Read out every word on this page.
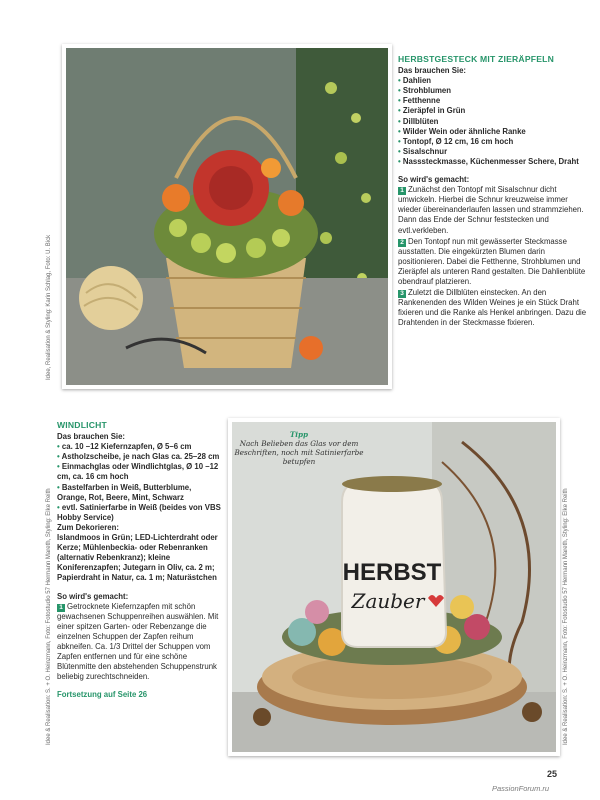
Idee, Realisation & Styling: Karin Schlag, Foto: U. Bick
HERBSTGESTECK MIT ZIERÄPFELN
Das brauchen Sie:
• Dahlien
• Strohblumen
• Fetthenne
• Zieräpfel in Grün
• Dillblüten
• Wilder Wein oder ähnliche Ranke
• Tontopf, Ø 12 cm, 16 cm hoch
• Sisalschnur
• Nasssteckmasse, Küchenmesser Schere, Draht
So wird's gemacht:

1 Zunächst den Tontopf mit Sisalschnur dicht umwickeln. Hierbei die Schnur kreuzweise immer wieder übereinanderlaufen lassen und strammziehen. Dann das Ende der Schnur feststecken und evtl.verkleben.

2 Den Tontopf nun mit gewässerter Steckmasse ausstatten. Die eingekürzten Blumen darin positionieren. Dabei die Fetthenne, Strohblumen und Zieräpfel als unteren Rand gestalten. Die Dahlienblüte obendrauf platzieren.

3 Zuletzt die Dillblüten einstecken. An den Rankenenden des Wilden Weines je ein Stück Draht fixieren und die Ranke als Henkel anbringen. Dazu die Drahtenden in der Steckmasse fixieren.

WINDLICHT
Das brauchen Sie:
• ca. 10 –12 Kiefernzapfen, Ø 5–6 cm
• Astholzscheibe, je nach Glas ca. 25–28 cm
• Einmachglas oder Windlichtglas, Ø 10 –12 cm, ca. 16 cm hoch
• Bastelfarben in Weiß, Butterblume, Orange, Rot, Beere, Mint, Schwarz
• evtl. Satinierfarbe in Weiß (beides von VBS Hobby Service)
Zum Dekorieren:

Islandmoos in Grün; LED-Lichterdraht oder Kerze; Mühlenbeckia- oder Rebenranken (alternativ Rebenkranz); kleine Koniferenzapfen; Jutegarn in Oliv, ca. 2 m; Papierdraht in Natur, ca. 1 m; Naturästchen

So wird's gemacht:

1 Getrocknete Kiefernzapfen mit schön gewachsenen Schuppenreihen auswählen. Mit einer spitzen Garten- oder Rebenzange die einzelnen Schuppen der Zapfen reihum abkneifen. Ca. 1/3 Drittel der Schuppen vom Zapfen entfernen und für eine schöne Blütenmitte den abstehenden Schuppenstrunk beliebig zurechtschneiden.

Fortsetzung auf Seite 26

Idee & Realisation: S. + O. Heinzmann, Foto: Fotostudio 57 Hermann Mareth, Styling: Elke Reith	HERBST
Zauber
Tipp
Nach Belieben das Glas vor dem Beschriften, noch mit Satinierfarbe betupfen
Idee & Realisation: S. + O. Heinzmann, Foto: Fotostudio 57 Hermann Mareth, Styling: Elke Reith
25
PassionForum.ru
